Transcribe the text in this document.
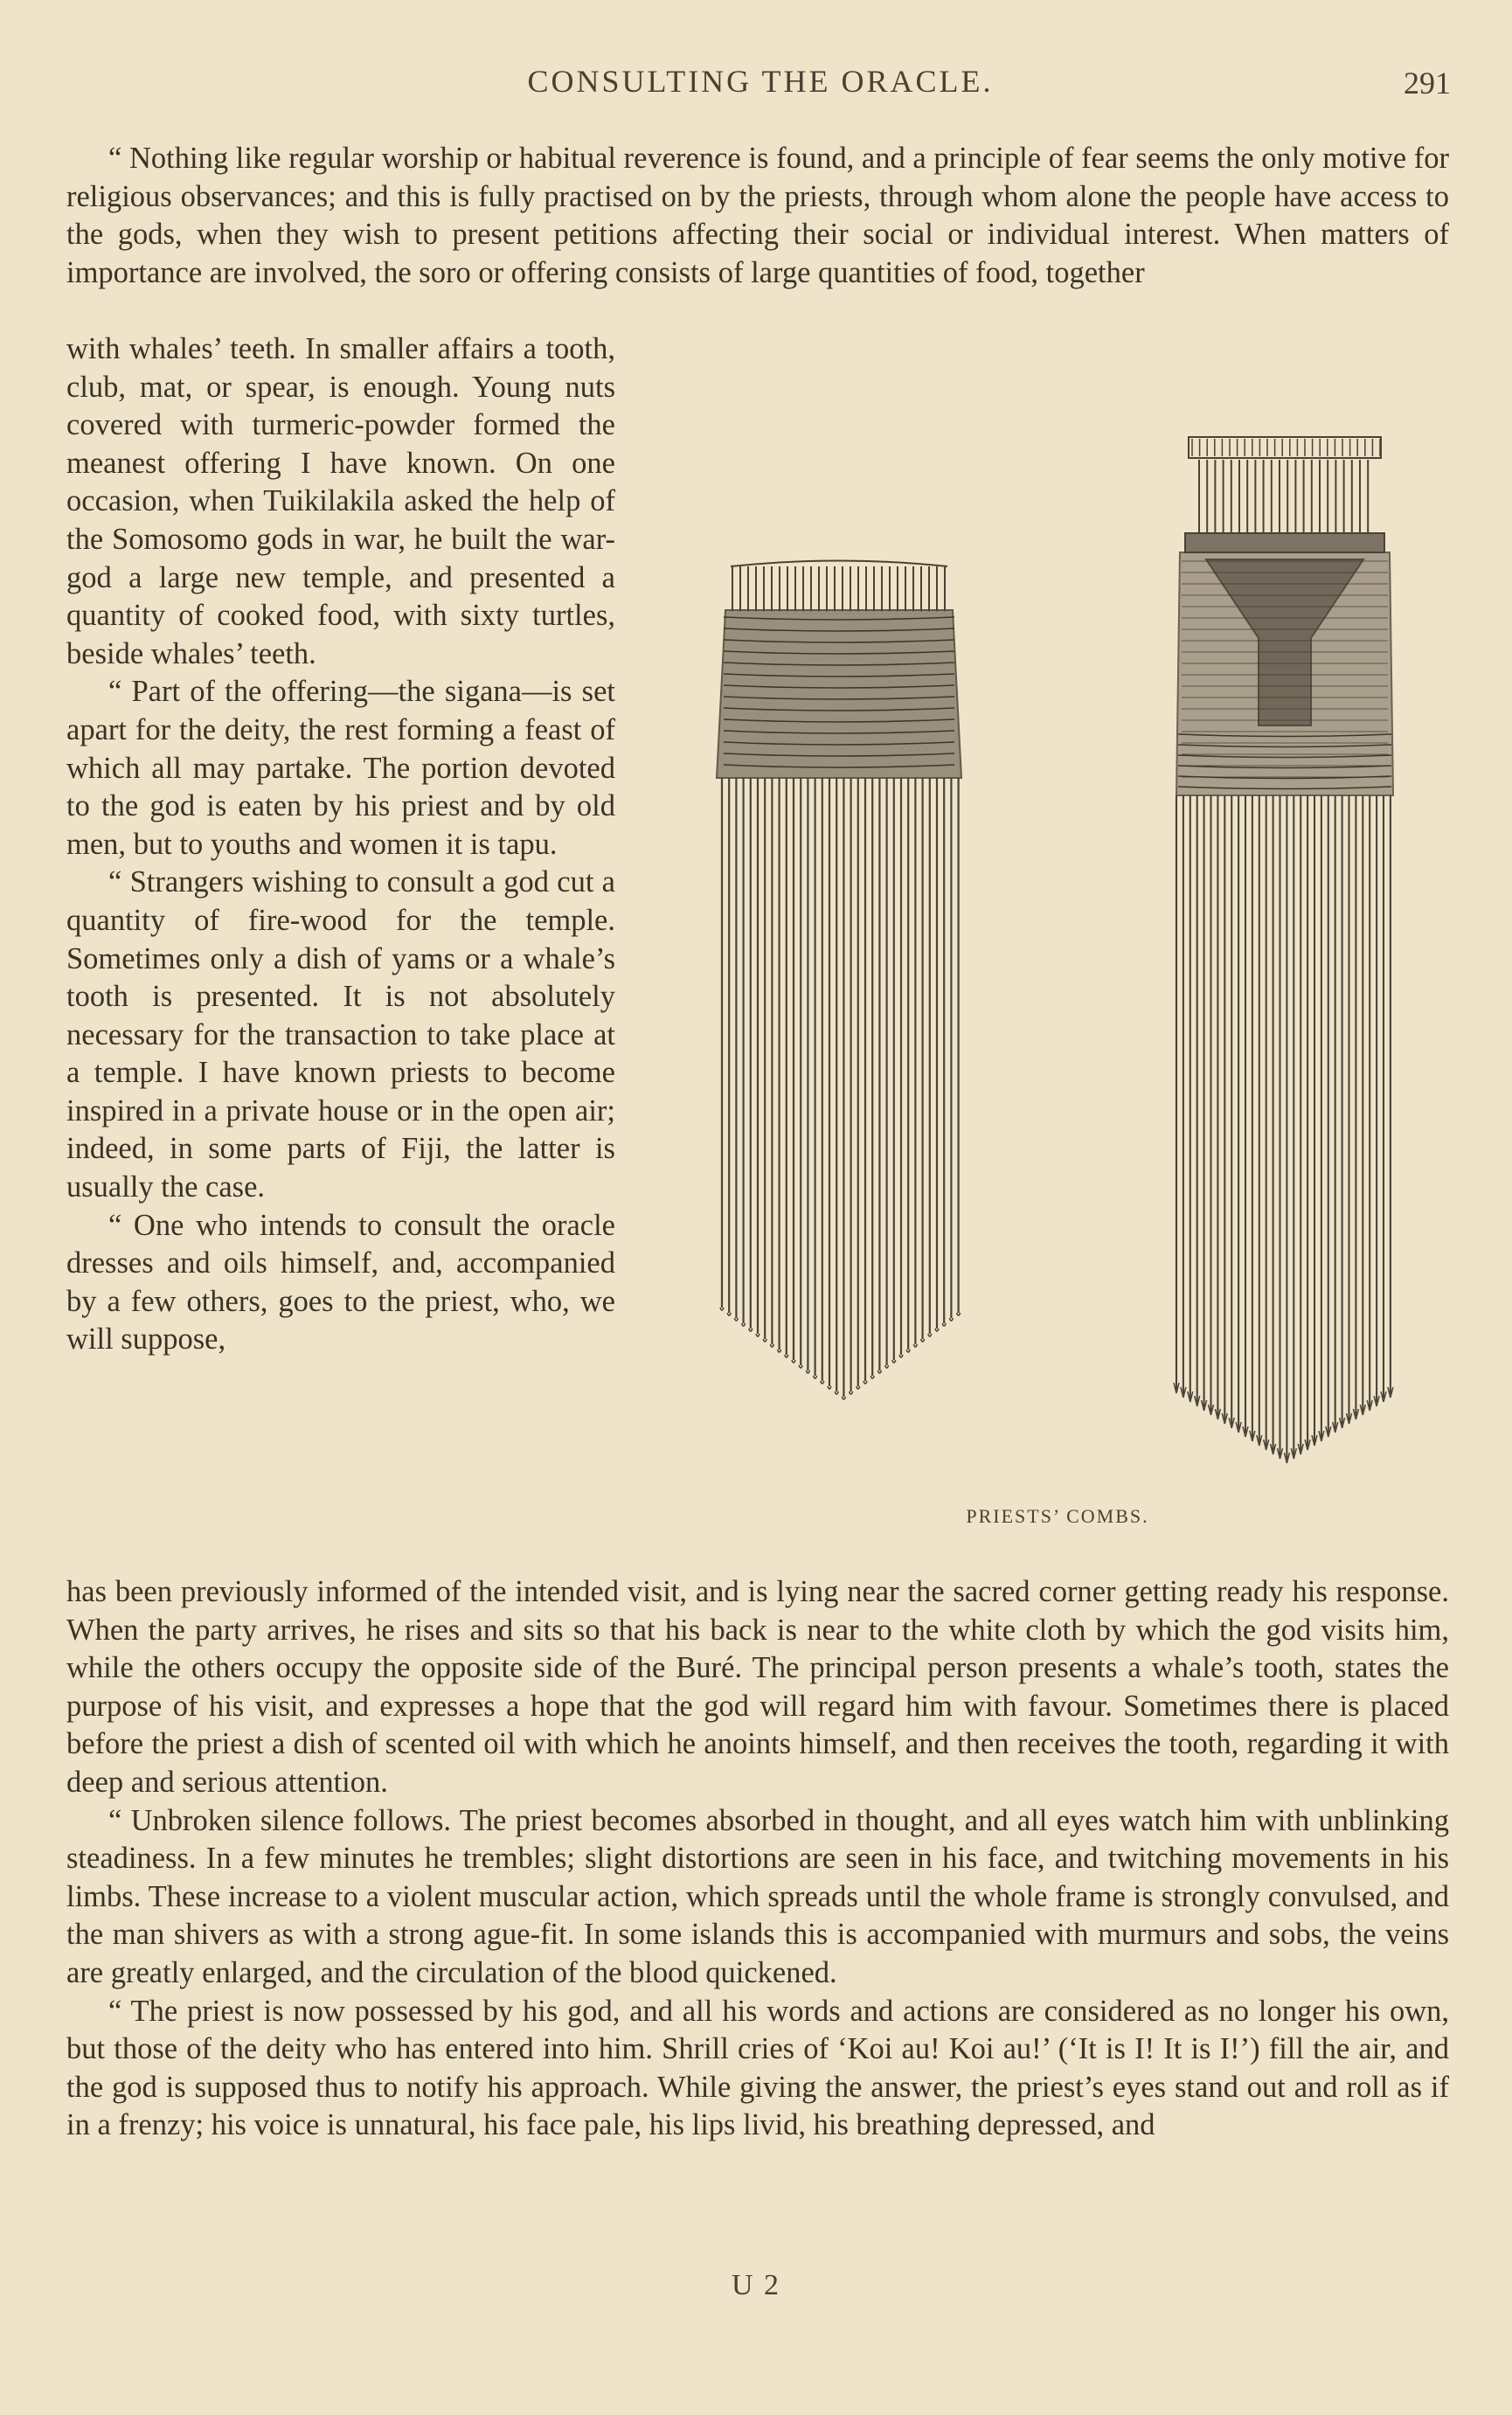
CONSULTING THE ORACLE.	291

“ Nothing like regular worship or habitual reverence is found, and a principle of fear seems the only motive for religious observances; and this is fully practised on by the priests, through whom alone the people have access to the gods, when they wish to present petitions affecting their social or individual interest. When matters of importance are involved, the soro or offering consists of large quantities of food, together

with whales’ teeth. In smaller affairs a tooth, club, mat, or spear, is enough. Young nuts covered with turmeric-powder formed the meanest offering I have known. On one occasion, when Tuikilakila asked the help of the Somosomo gods in war, he built the war-god a large new temple, and presented a quantity of cooked food, with sixty turtles, beside whales’ teeth.

“ Part of the offering—the sigana—is set apart for the deity, the rest forming a feast of which all may partake. The portion devoted to the god is eaten by his priest and by old men, but to youths and women it is tapu.

“ Strangers wishing to consult a god cut a quantity of fire-wood for the temple. Sometimes only a dish of yams or a whale’s tooth is presented. It is not absolutely necessary for the transaction to take place at a temple. I have known priests to become inspired in a private house or in the open air; indeed, in some parts of Fiji, the latter is usually the case.

“ One who intends to consult the oracle dresses and oils himself, and, accompanied by a few others, goes to the priest, who, we will suppose,

PRIESTS’ COMBS.

has been previously informed of the intended visit, and is lying near the sacred corner getting ready his response. When the party arrives, he rises and sits so that his back is near to the white cloth by which the god visits him, while the others occupy the opposite side of the Buré. The principal person presents a whale’s tooth, states the purpose of his visit, and expresses a hope that the god will regard him with favour. Sometimes there is placed before the priest a dish of scented oil with which he anoints himself, and then receives the tooth, regarding it with deep and serious attention.

“ Unbroken silence follows. The priest becomes absorbed in thought, and all eyes watch him with unblinking steadiness. In a few minutes he trembles; slight distortions are seen in his face, and twitching movements in his limbs. These increase to a violent muscular action, which spreads until the whole frame is strongly convulsed, and the man shivers as with a strong ague-fit. In some islands this is accompanied with murmurs and sobs, the veins are greatly enlarged, and the circulation of the blood quickened.

“ The priest is now possessed by his god, and all his words and actions are considered as no longer his own, but those of the deity who has entered into him. Shrill cries of ‘Koi au! Koi au!’ (‘It is I! It is I!’) fill the air, and the god is supposed thus to notify his approach. While giving the answer, the priest’s eyes stand out and roll as if in a frenzy; his voice is unnatural, his face pale, his lips livid, his breathing depressed, and

U 2
